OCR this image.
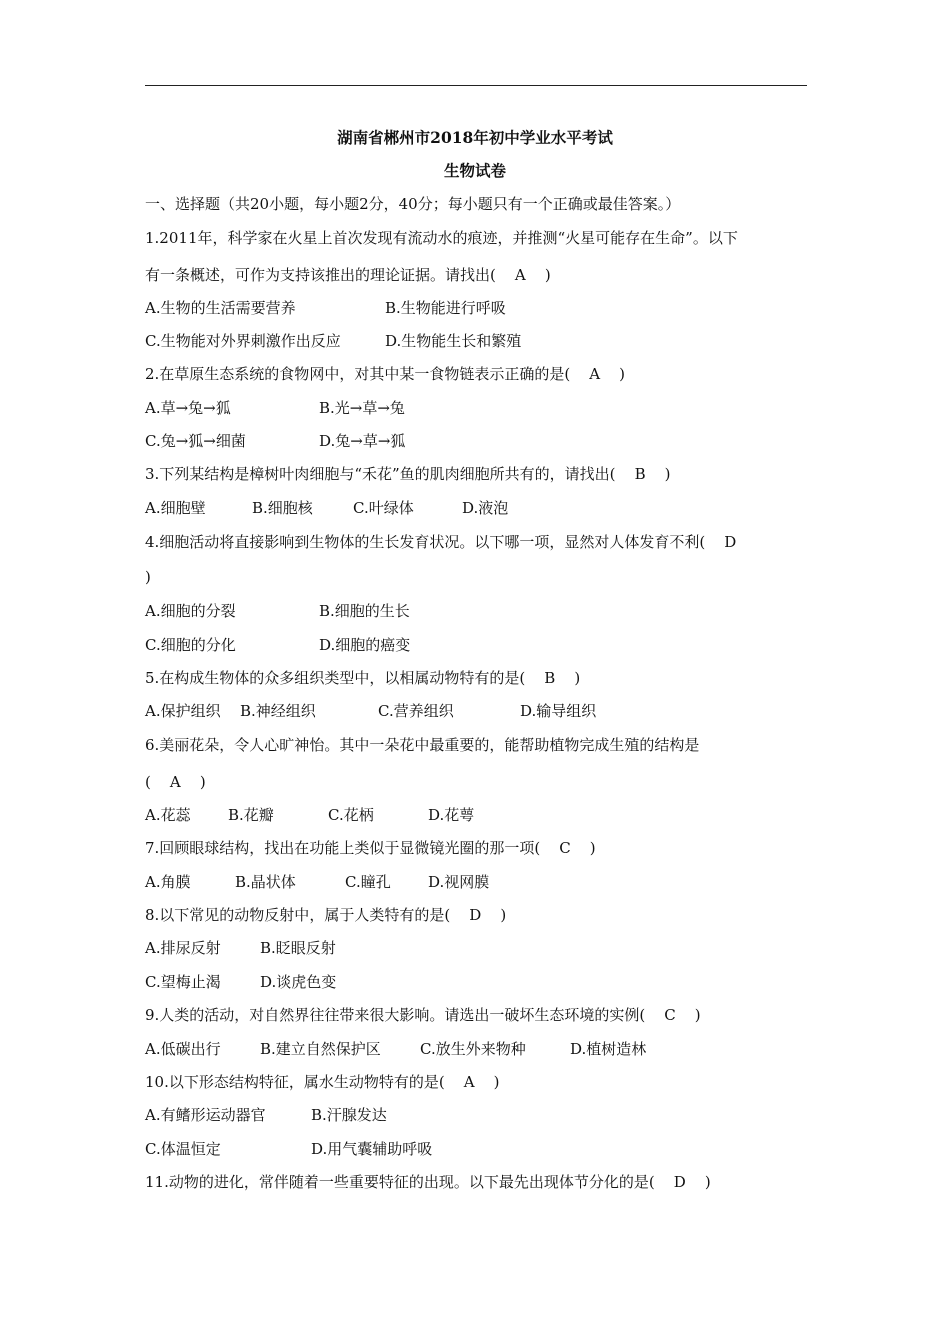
湖南省郴州市2018年初中学业水平考试
生物试卷
一、选择题（共20小题，每小题2分，40分；每小题只有一个正确或最佳答案。）
1.2011年，科学家在火星上首次发现有流动水的痕迹，并推测“火星可能存在生命”。以下
有一条概述，可作为支持该推出的理论证据。请找出(    A    )
A.生物的生活需要营养	B.生物能进行呼吸
C.生物能对外界刺激作出反应	D.生物能生长和繁殖
2.在草原生态系统的食物网中，对其中某一食物链表示正确的是(    A    )
A.草→兔→狐	B.光→草→兔
C.兔→狐→细菌	D.兔→草→狐
3.下列某结构是樟树叶肉细胞与“禾花”鱼的肌肉细胞所共有的，请找出(    B    )
A.细胞壁	B.细胞核	C.叶绿体	D.液泡
4.细胞活动将直接影响到生物体的生长发育状况。以下哪一项，显然对人体发育不利(    D
)
A.细胞的分裂	B.细胞的生长
C.细胞的分化	D.细胞的癌变
5.在构成生物体的众多组织类型中，以相属动物特有的是(    B    )
A.保护组织 B.神经组织	C.营养组织	D.输导组织
6.美丽花朵，令人心旷神怡。其中一朵花中最重要的，能帮助植物完成生殖的结构是
(    A    )
A.花蕊 B.花瓣	C.花柄	D.花萼
7.回顾眼球结构，找出在功能上类似于显微镜光圈的那一项(    C    )
A.角膜	B.晶状体	C.瞳孔 D.视网膜
8.以下常见的动物反射中，属于人类特有的是(    D    )
A.排尿反射	B.眨眼反射
C.望梅止渴	D.谈虎色变
9.人类的活动，对自然界往往带来很大影响。请选出一破坏生态环境的实例(    C    )
A.低碳出行	B.建立自然保护区	C.放生外来物种	D.植树造林
10.以下形态结构特征，属水生动物特有的是(    A    )
A.有鳍形运动器官	B.汗腺发达
C.体温恒定	D.用气囊辅助呼吸
11.动物的进化，常伴随着一些重要特征的出现。以下最先出现体节分化的是(    D    )
